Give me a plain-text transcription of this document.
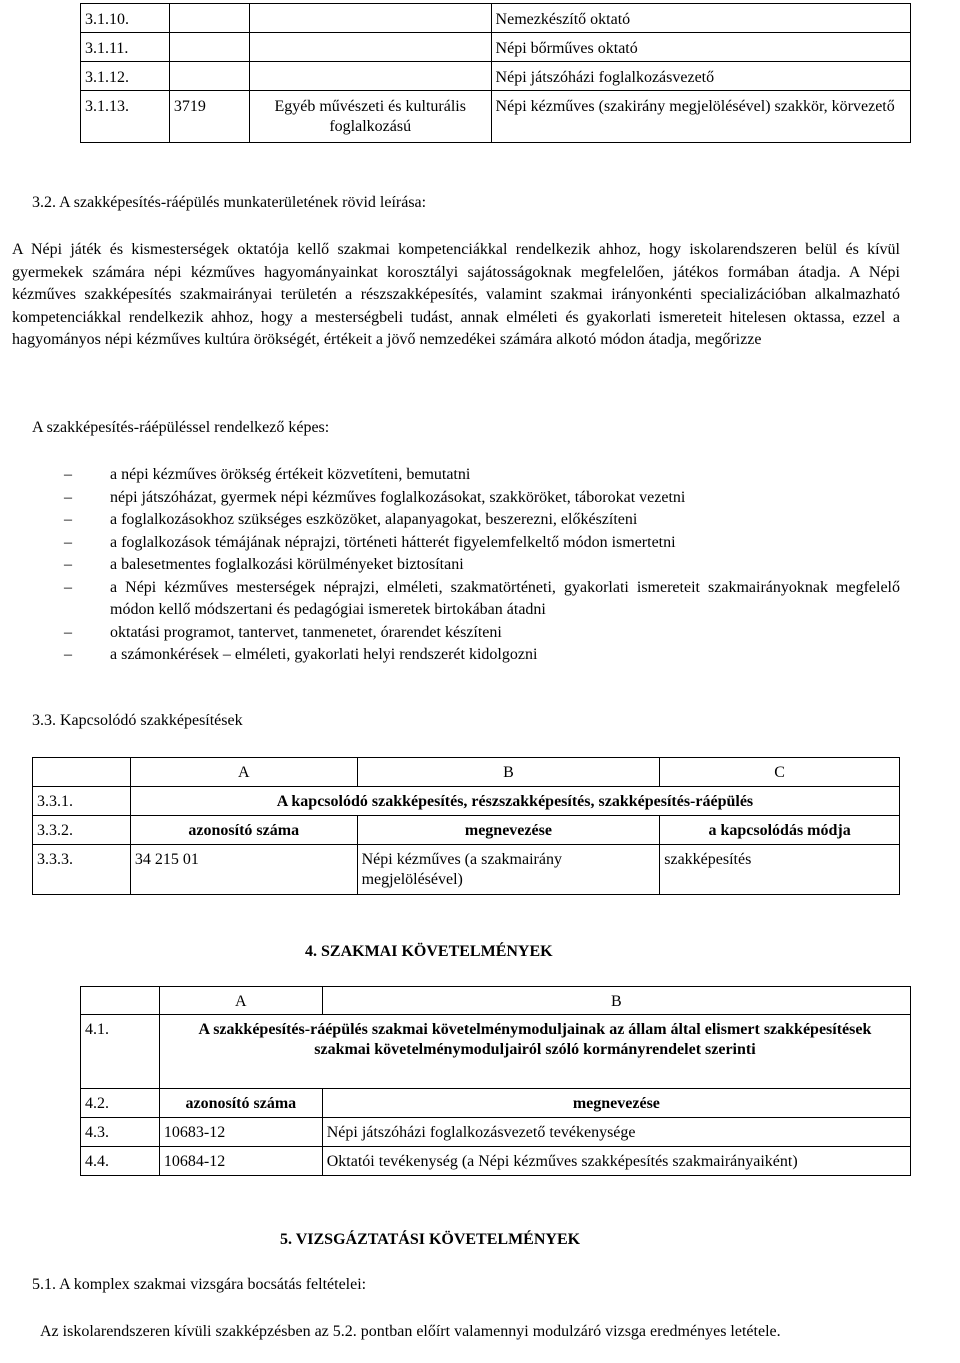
3.1.10.			Nemezkészítő oktató
3.1.11.			Népi bőrműves oktató
3.1.12.			Népi játszóházi foglalkozásvezető
3.1.13.	3719	Egyéb művészeti és kulturális foglalkozású	Népi kézműves (szakirány megjelölésével) szakkör, körvezető
3.2. A szakképesítés-ráépülés munkaterületének rövid leírása:

A Népi játék és kismesterségek oktatója kellő szakmai kompetenciákkal rendelkezik ahhoz, hogy iskolarendszeren belül és kívül gyermekek számára népi kézműves hagyományainkat korosztályi sajátosságoknak megfelelően, játékos formában átadja. A Népi kézműves szakképesítés szakmairányai területén a részszakképesítés, valamint szakmai irányonkénti specializációban alkalmazható kompetenciákkal rendelkezik ahhoz, hogy a mesterségbeli tudást, annak elméleti és gyakorlati ismereteit hitelesen oktassa, ezzel a hagyományos népi kézműves kultúra örökségét, értékeit a jövő nemzedékei számára alkotó módon átadja, megőrizze

A szakképesítés-ráépüléssel rendelkező képes:
– a népi kézműves örökség értékeit közvetíteni, bemutatni
– népi játszóházat, gyermek népi kézműves foglalkozásokat, szakköröket, táborokat vezetni
– a foglalkozásokhoz szükséges eszközöket, alapanyagokat, beszerezni, előkészíteni
– a foglalkozások témájának néprajzi, történeti hátterét figyelemfelkeltő módon ismertetni
– a balesetmentes foglalkozási körülményeket biztosítani
– a Népi kézműves mesterségek néprajzi, elméleti, szakmatörténeti, gyakorlati ismereteit szakmairányoknak megfelelő módon kellő módszertani és pedagógiai ismeretek birtokában átadni
– oktatási programot, tantervet, tanmenetet, órarendet készíteni
– a számonkérések – elméleti, gyakorlati helyi rendszerét kidolgozni
3.3. Kapcsolódó szakképesítések
	A	B	C
3.3.1.	A kapcsolódó szakképesítés, részszakképesítés, szakképesítés-ráépülés		
3.3.2.	azonosító száma	megnevezése	a kapcsolódás módja
3.3.3.	34 215 01	Népi kézműves (a szakmairány megjelölésével)	szakképesítés
4. SZAKMAI KÖVETELMÉNYEK
	A	B
4.1.	A szakképesítés-ráépülés szakmai követelménymoduljainak az állam által elismert szakképesítések szakmai követelménymoduljairól szóló kormányrendelet szerinti	
4.2.	azonosító száma	megnevezése
4.3.	10683-12	Népi játszóházi foglalkozásvezető tevékenysége
4.4.	10684-12	Oktatói tevékenység (a Népi kézműves szakképesítés szakmairányaiként)
5. VIZSGÁZTATÁSI KÖVETELMÉNYEK
5.1. A komplex szakmai vizsgára bocsátás feltételei:
Az iskolarendszeren kívüli szakképzésben az 5.2. pontban előírt valamennyi modulzáró vizsga eredményes letétele.
